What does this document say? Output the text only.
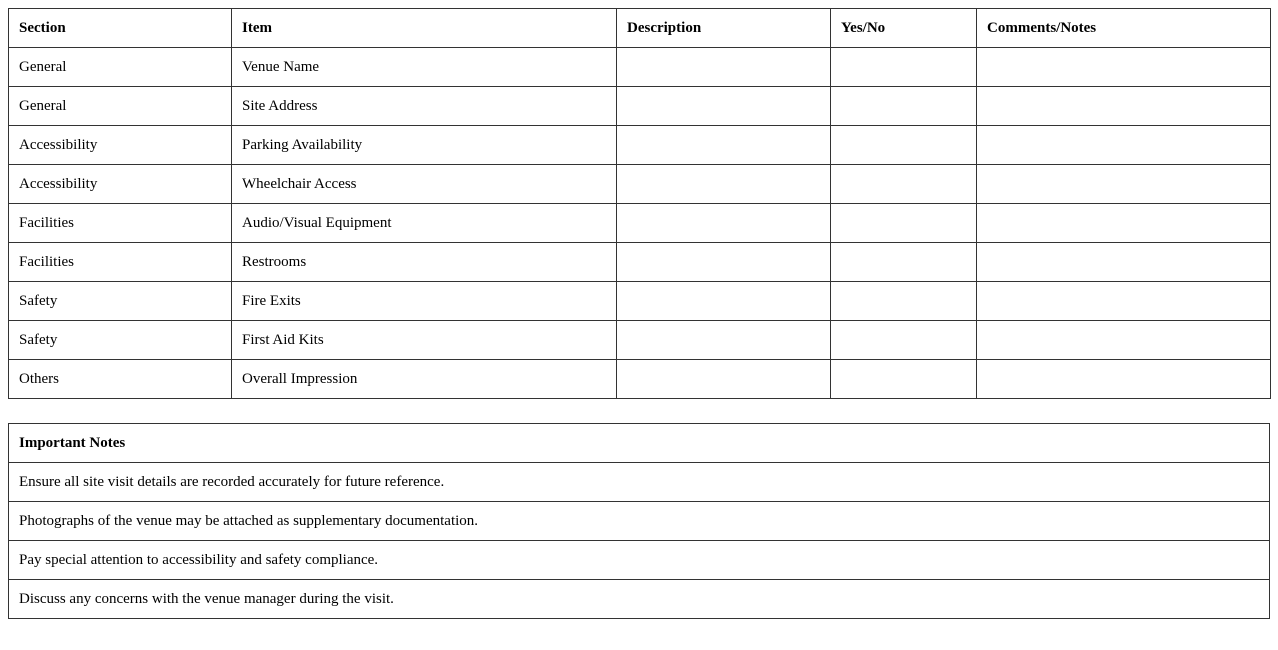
Section	Item	Description	Yes/No	Comments/Notes
General	Venue Name			
General	Site Address			
Accessibility	Parking Availability			
Accessibility	Wheelchair Access			
Facilities	Audio/Visual Equipment			
Facilities	Restrooms			
Safety	Fire Exits			
Safety	First Aid Kits			
Others	Overall Impression			
Important Notes
Ensure all site visit details are recorded accurately for future reference.
Photographs of the venue may be attached as supplementary documentation.
Pay special attention to accessibility and safety compliance.
Discuss any concerns with the venue manager during the visit.
